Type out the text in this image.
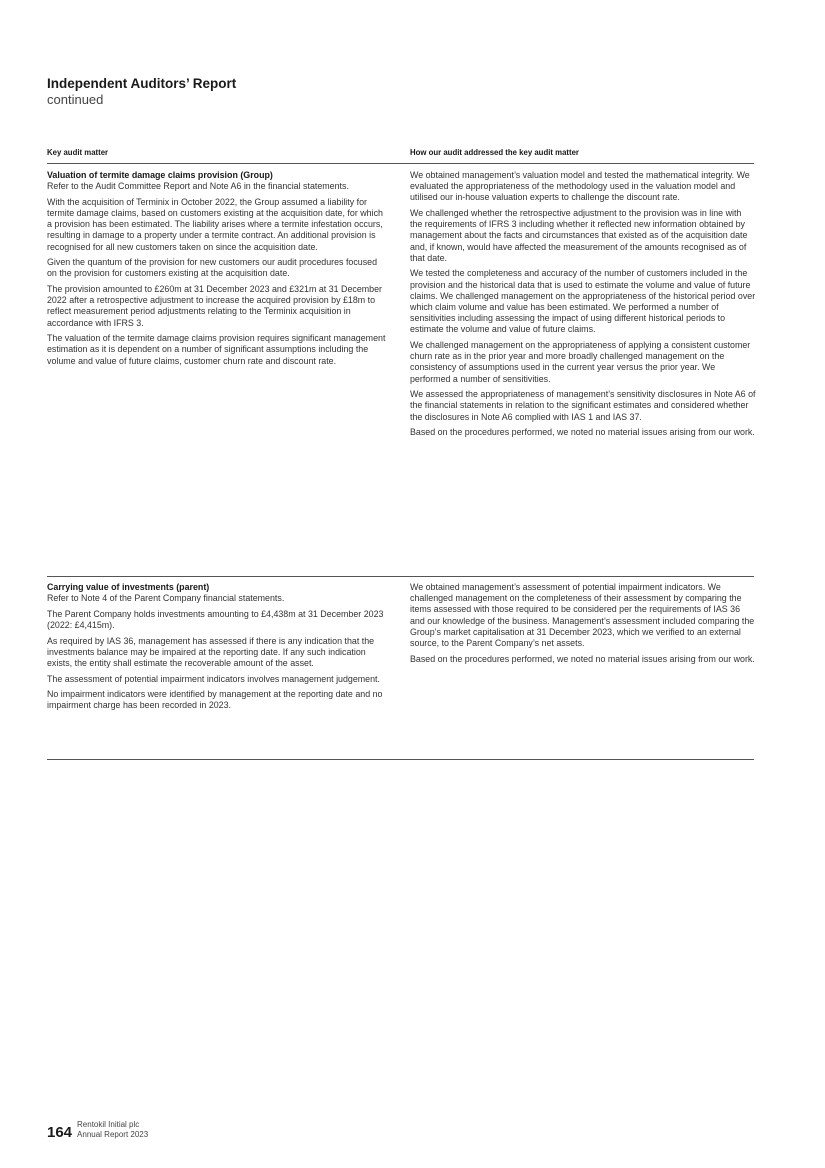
Independent Auditors’ Report
continued
Key audit matter	How our audit addressed the key audit matter

Valuation of termite damage claims provision (Group)

Refer to the Audit Committee Report and Note A6 in the financial statements.

With the acquisition of Terminix in October 2022, the Group assumed a liability for termite damage claims, based on customers existing at the acquisition date, for which a provision has been estimated. The liability arises where a termite infestation occurs, resulting in damage to a property under a termite contract. An additional provision is recognised for all new customers taken on since the acquisition date.

Given the quantum of the provision for new customers our audit procedures focused on the provision for customers existing at the acquisition date.

The provision amounted to £260m at 31 December 2023 and £321m at 31 December 2022 after a retrospective adjustment to increase the acquired provision by £18m to reflect measurement period adjustments relating to the Terminix acquisition in accordance with IFRS 3.

The valuation of the termite damage claims provision requires significant management estimation as it is dependent on a number of significant assumptions including the volume and value of future claims, customer churn rate and discount rate.

We obtained management’s valuation model and tested the mathematical integrity. We evaluated the appropriateness of the methodology used in the valuation model and utilised our in-house valuation experts to challenge the discount rate.

We challenged whether the retrospective adjustment to the provision was in line with the requirements of IFRS 3 including whether it reflected new information obtained by management about the facts and circumstances that existed as of the acquisition date and, if known, would have affected the measurement of the amounts recognised as of that date.

We tested the completeness and accuracy of the number of customers included in the provision and the historical data that is used to estimate the volume and value of future claims. We challenged management on the appropriateness of the historical period over which claim volume and value has been estimated. We performed a number of sensitivities including assessing the impact of using different historical periods to estimate the volume and value of future claims.

We challenged management on the appropriateness of applying a consistent customer churn rate as in the prior year and more broadly challenged management on the consistency of assumptions used in the current year versus the prior year. We performed a number of sensitivities.

We assessed the appropriateness of management’s sensitivity disclosures in Note A6 of the financial statements in relation to the significant estimates and considered whether the disclosures in Note A6 complied with IAS 1 and IAS 37.

Based on the procedures performed, we noted no material issues arising from our work.

Carrying value of investments (parent)

Refer to Note 4 of the Parent Company financial statements.

The Parent Company holds investments amounting to £4,438m at 31 December 2023 (2022: £4,415m).

As required by IAS 36, management has assessed if there is any indication that the investments balance may be impaired at the reporting date. If any such indication exists, the entity shall estimate the recoverable amount of the asset.

The assessment of potential impairment indicators involves management judgement.

No impairment indicators were identified by management at the reporting date and no impairment charge has been recorded in 2023.

We obtained management’s assessment of potential impairment indicators. We challenged management on the completeness of their assessment by comparing the items assessed with those required to be considered per the requirements of IAS 36 and our knowledge of the business. Management’s assessment included comparing the Group’s market capitalisation at 31 December 2023, which we verified to an external source, to the Parent Company’s net assets.

Based on the procedures performed, we noted no material issues arising from our work.

164 Rentokil Initial plc
Annual Report 2023
